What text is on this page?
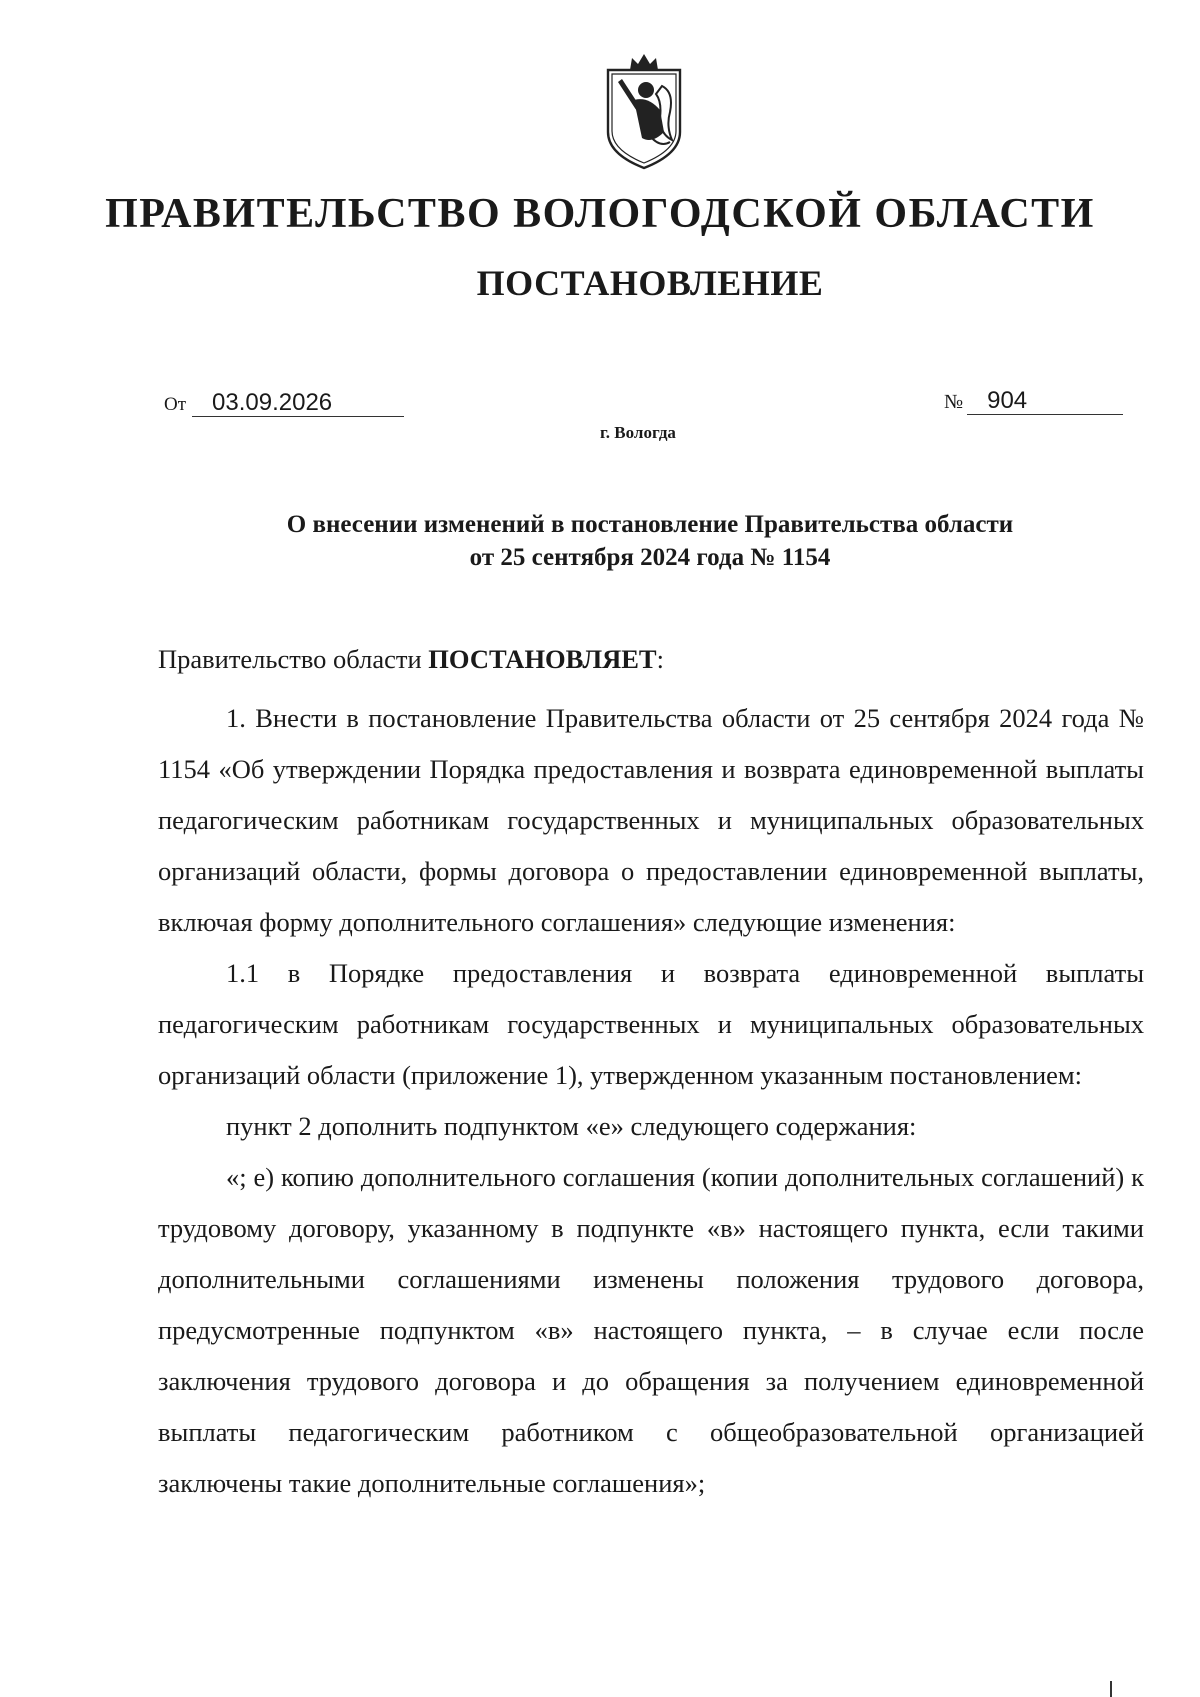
ПРАВИТЕЛЬСТВО ВОЛОГОДСКОЙ ОБЛАСТИ
ПОСТАНОВЛЕНИЕ
От 03.09.2026	№ 904
г. Вологда
О внесении изменений в постановление Правительства области
от 25 сентября 2024 года № 1154

Правительство области ПОСТАНОВЛЯЕТ:

1. Внести в постановление Правительства области от 25 сентября 2024 года № 1154 «Об утверждении Порядка предоставления и возврата единовременной выплаты педагогическим работникам государственных и муниципальных образовательных организаций области, формы договора о предоставлении единовременной выплаты, включая форму дополнительного соглашения» следующие изменения:

1.1 в Порядке предоставления и возврата единовременной выплаты педагогическим работникам государственных и муниципальных образовательных организаций области (приложение 1), утвержденном указанным постановлением:

пункт 2 дополнить подпунктом «е» следующего содержания:

«; е) копию дополнительного соглашения (копии дополнительных соглашений) к трудовому договору, указанному в подпункте «в» настоящего пункта, если такими дополнительными соглашениями изменены положения трудового договора, предусмотренные подпунктом «в» настоящего пункта, – в случае если после заключения трудового договора и до обращения за получением единовременной выплаты педагогическим работником с общеобразовательной организацией заключены такие дополнительные соглашения»;
